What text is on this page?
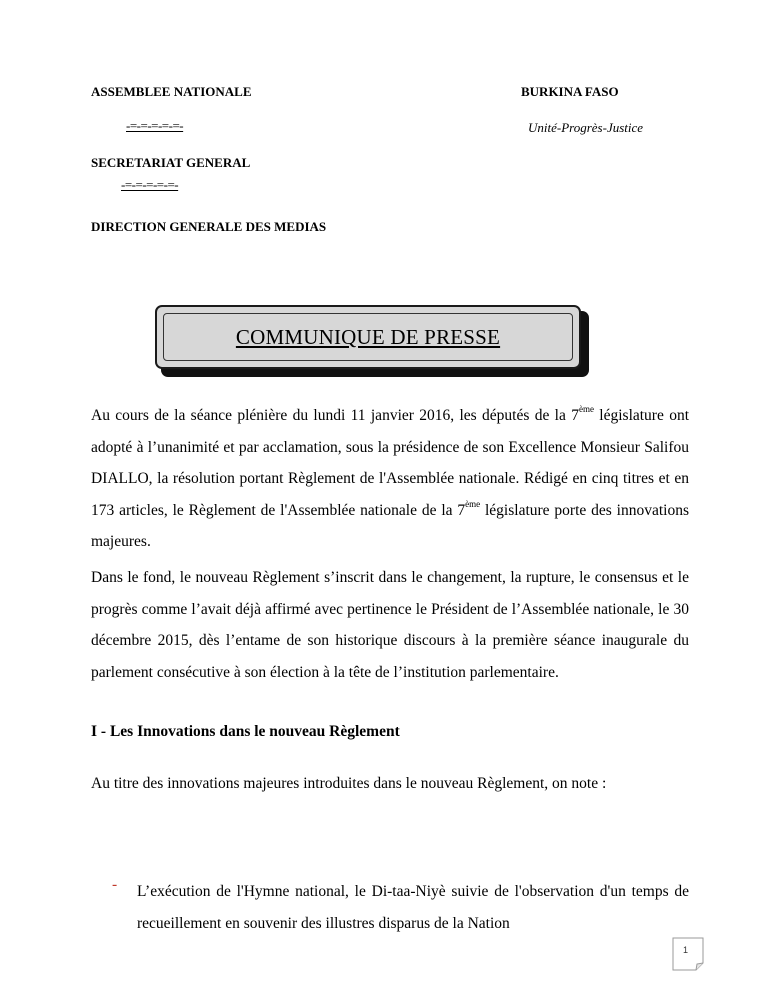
ASSEMBLEE NATIONALE
-=-=-=-=-=-
BURKINA FASO
Unité-Progrès-Justice
SECRETARIAT GENERAL
-=-=-=-=-=-
DIRECTION GENERALE DES MEDIAS
COMMUNIQUE DE PRESSE

Au cours de la séance plénière du lundi 11 janvier 2016, les députés de la 7ème législature ont adopté à l’unanimité et par acclamation, sous la présidence de son Excellence Monsieur Salifou DIALLO, la résolution portant Règlement de l'Assemblée nationale. Rédigé en cinq titres et en 173 articles, le Règlement de l'Assemblée nationale de la 7ème législature porte des innovations majeures.

Dans le fond, le nouveau Règlement s’inscrit dans le changement, la rupture, le consensus et le progrès comme l’avait déjà affirmé avec pertinence le Président de l’Assemblée nationale, le 30 décembre 2015, dès l’entame de son historique discours à la première séance inaugurale du parlement consécutive à son élection à la tête de l’institution parlementaire.

I - Les Innovations dans le nouveau Règlement

Au titre des innovations majeures introduites dans le nouveau Règlement, on note :

- L’exécution de l'Hymne national, le Di-taa-Niyè suivie de l'observation d'un temps de recueillement en souvenir des illustres disparus de la Nation

1
